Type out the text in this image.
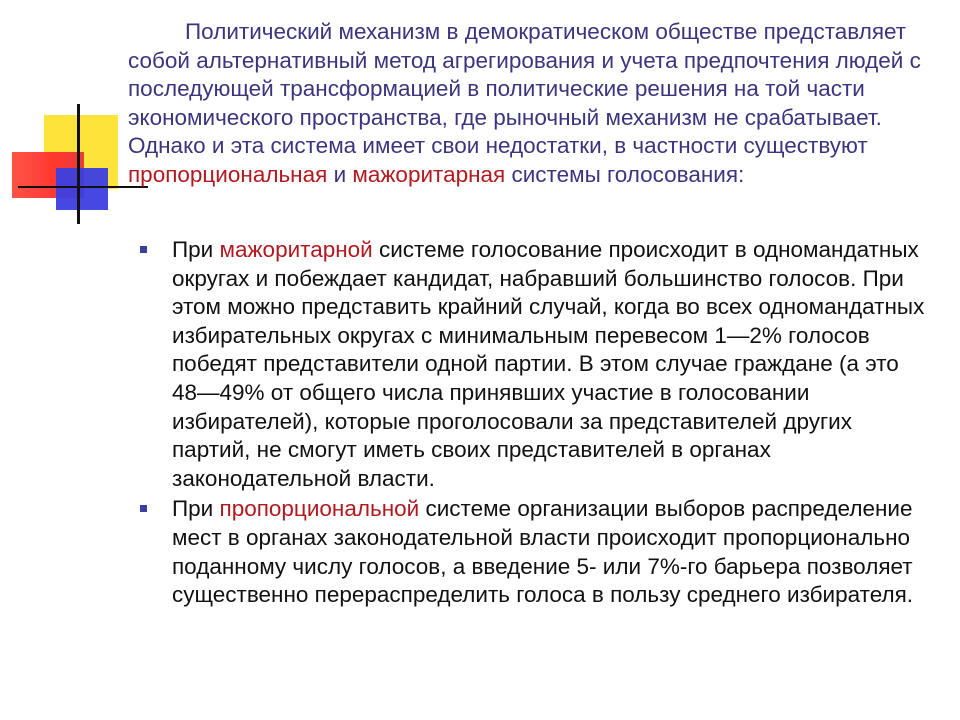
Политический механизм в демократическом обществе представляет собой альтернативный метод агрегирования и учета предпочтения людей с последующей трансформацией в политические решения на той части экономического пространства, где рыночный механизм не срабатывает. Однако и эта система имеет свои недостатки, в частности существуют пропорциональная и мажоритарная системы голосования:

При мажоритарной системе голосование происходит в одномандатных округах и побеждает кандидат, набравший большинство голосов. При этом можно представить крайний случай, когда во всех одномандатных избирательных округах с минимальным перевесом 1—2% голосов победят представители одной партии. В этом случае граждане (а это 48—49% от общего числа принявших участие в голосовании избирателей), которые проголосовали за представителей других партий, не смогут иметь своих представителей в органах законодательной власти.
При пропорциональной системе организации выборов распределение мест в органах законодательной власти происходит пропорционально поданному числу голосов, а введение 5- или 7%-го барьера позволяет существенно перераспределить голоса в пользу среднего избирателя.
